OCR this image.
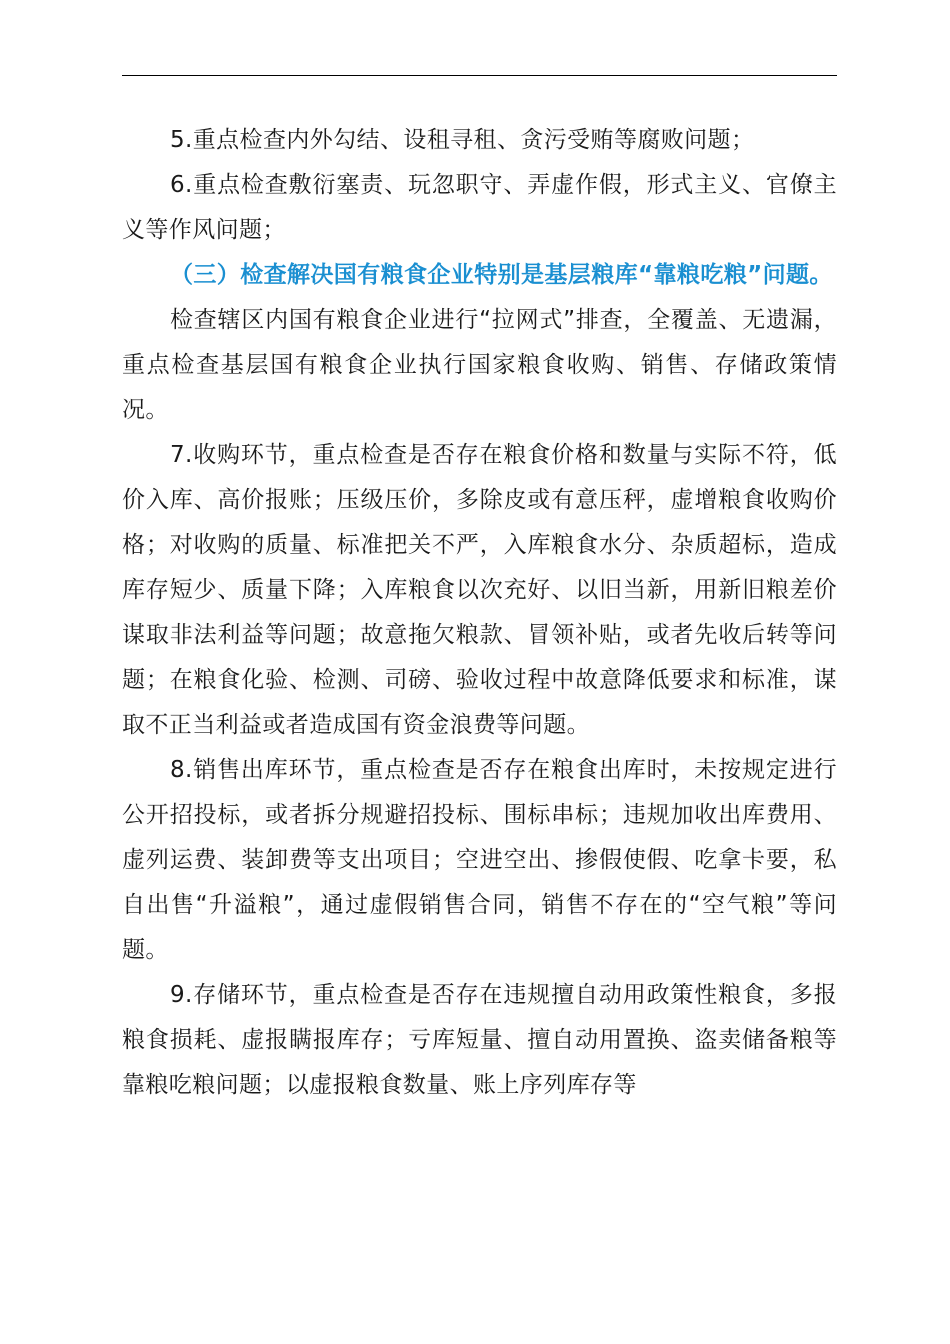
5.重点检查内外勾结、设租寻租、贪污受贿等腐败问题；

6.重点检查敷衍塞责、玩忽职守、弄虚作假，形式主义、官僚主义等作风问题；

（三）检查解决国有粮食企业特别是基层粮库“靠粮吃粮”问题。

检查辖区内国有粮食企业进行“拉网式”排查，全覆盖、无遗漏，重点检查基层国有粮食企业执行国家粮食收购、销售、存储政策情况。

7.收购环节，重点检查是否存在粮食价格和数量与实际不符，低价入库、高价报账；压级压价，多除皮或有意压秤，虚增粮食收购价格；对收购的质量、标准把关不严，入库粮食水分、杂质超标，造成库存短少、质量下降；入库粮食以次充好、以旧当新，用新旧粮差价谋取非法利益等问题；故意拖欠粮款、冒领补贴，或者先收后转等问题；在粮食化验、检测、司磅、验收过程中故意降低要求和标准，谋取不正当利益或者造成国有资金浪费等问题。

8.销售出库环节，重点检查是否存在粮食出库时，未按规定进行公开招投标，或者拆分规避招投标、围标串标；违规加收出库费用、虚列运费、装卸费等支出项目；空进空出、掺假使假、吃拿卡要，私自出售“升溢粮”，通过虚假销售合同，销售不存在的“空气粮”等问题。

9.存储环节，重点检查是否存在违规擅自动用政策性粮食，多报粮食损耗、虚报瞒报库存；亏库短量、擅自动用置换、盗卖储备粮等靠粮吃粮问题；以虚报粮食数量、账上序列库存等
